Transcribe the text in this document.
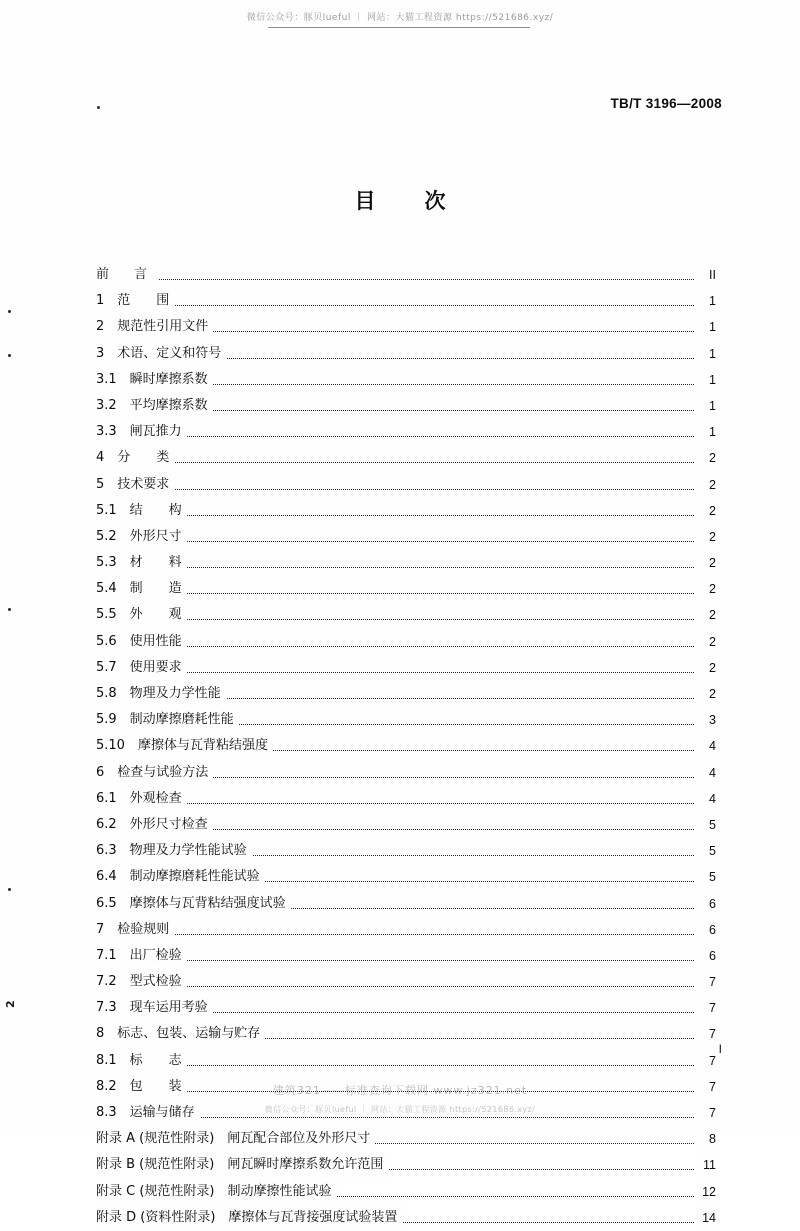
微信公众号：豚贝lueful ｜ 网站：大猫工程资源 https://521686.xyz/
TB/T 3196—2008
目　次
前　言	II
1　范　　围	1
2　规范性引用文件	1
3　术语、定义和符号	1
3.1　瞬时摩擦系数	1
3.2　平均摩擦系数	1
3.3　闸瓦推力	1
4　分　　类	2
5　技术要求	2
5.1　结　　构	2
5.2　外形尺寸	2
5.3　材　　料	2
5.4　制　　造	2
5.5　外　　观	2
5.6　使用性能	2
5.7　使用要求	2
5.8　物理及力学性能	2
5.9　制动摩擦磨耗性能	3
5.10　摩擦体与瓦背粘结强度	4
6　检查与试验方法	4
6.1　外观检查	4
6.2　外形尺寸检查	5
6.3　物理及力学性能试验	5
6.4　制动摩擦磨耗性能试验	5
6.5　摩擦体与瓦背粘结强度试验	6
7　检验规则	6
7.1　出厂检验	6
7.2　型式检验	7
7.3　现车运用考验	7
8　标志、包装、运输与贮存	7
8.1　标　　志	7
8.2　包　　装	7
8.3　运输与储存	7
附录 A (规范性附录)　闸瓦配合部位及外形尺寸	8
附录 B (规范性附录)　闸瓦瞬时摩擦系数允许范围	11
附录 C (规范性附录)　制动摩擦性能试验	12
附录 D (资料性附录)　摩擦体与瓦背接强度试验装置	14
I
2
建筑321——标准查询下载网 www.jz321.net
微信公众号：豚贝lueful ｜ 网站：大猫工程资源 https://521686.xyz/
